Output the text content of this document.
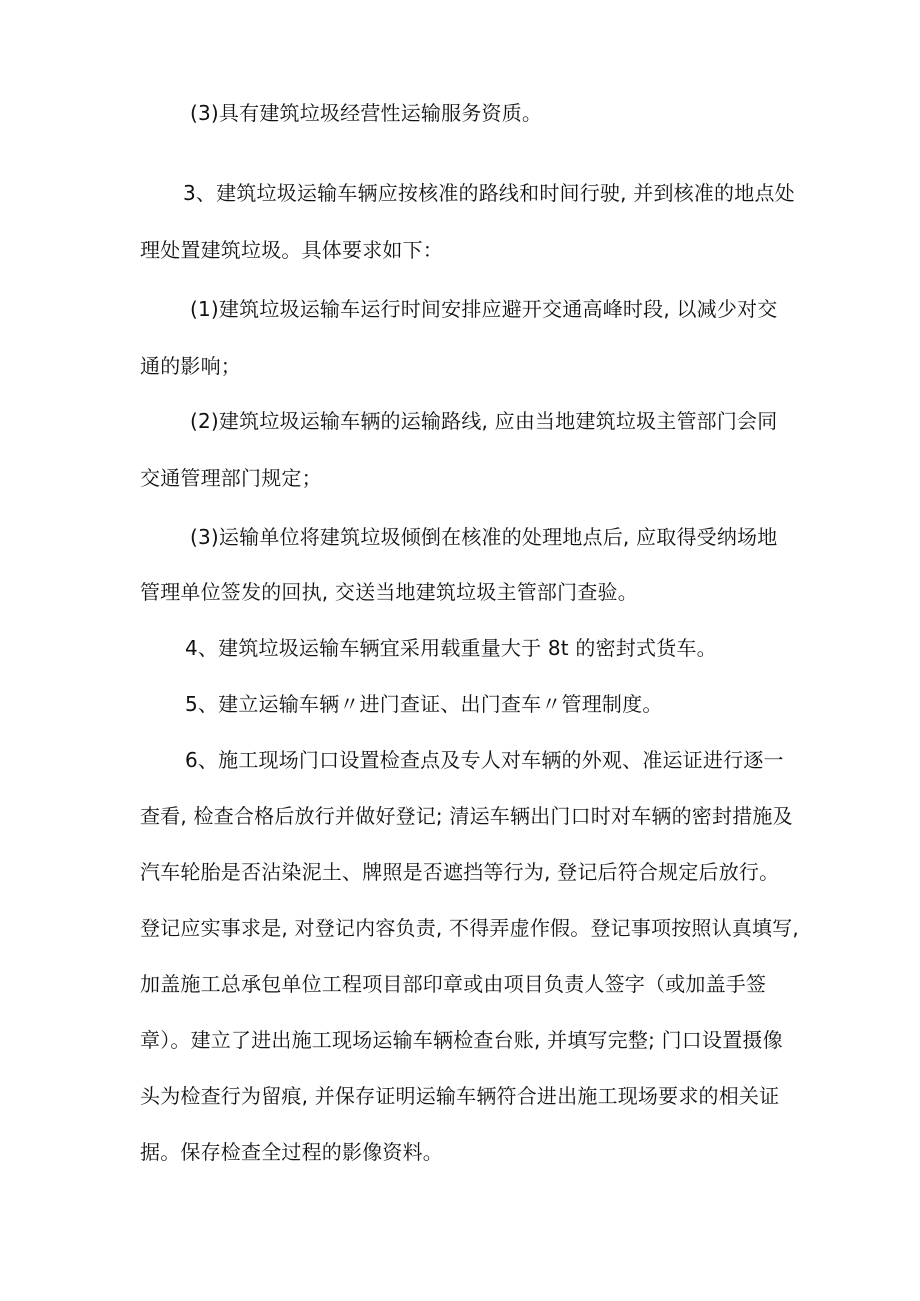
(3)具有建筑垃圾经营性运输服务资质。
3、建筑垃圾运输车辆应按核准的路线和时间行驶, 并到核准的地点处
理处置建筑垃圾。具体要求如下：
(1)建筑垃圾运输车运行时间安排应避开交通高峰时段, 以减少对交
通的影响；
(2)建筑垃圾运输车辆的运输路线, 应由当地建筑垃圾主管部门会同
交通管理部门规定；
(3)运输单位将建筑垃圾倾倒在核准的处理地点后, 应取得受纳场地
管理单位签发的回执, 交送当地建筑垃圾主管部门查验。
4、建筑垃圾运输车辆宜采用载重量大于 8t 的密封式货车。
5、建立运输车辆〃进门查证、出门查车〃管理制度。
6、施工现场门口设置检查点及专人对车辆的外观、准运证进行逐一
查看, 检查合格后放行并做好登记; 清运车辆出门口时对车辆的密封措施及
汽车轮胎是否沾染泥土、牌照是否遮挡等行为, 登记后符合规定后放行。
登记应实事求是, 对登记内容负责, 不得弄虚作假。登记事项按照认真填写,
加盖施工总承包单位工程项目部印章或由项目负责人签字（或加盖手签
章）。建立了进出施工现场运输车辆检查台账, 并填写完整; 门口设置摄像
头为检查行为留痕, 并保存证明运输车辆符合进出施工现场要求的相关证
据。保存检查全过程的影像资料。
